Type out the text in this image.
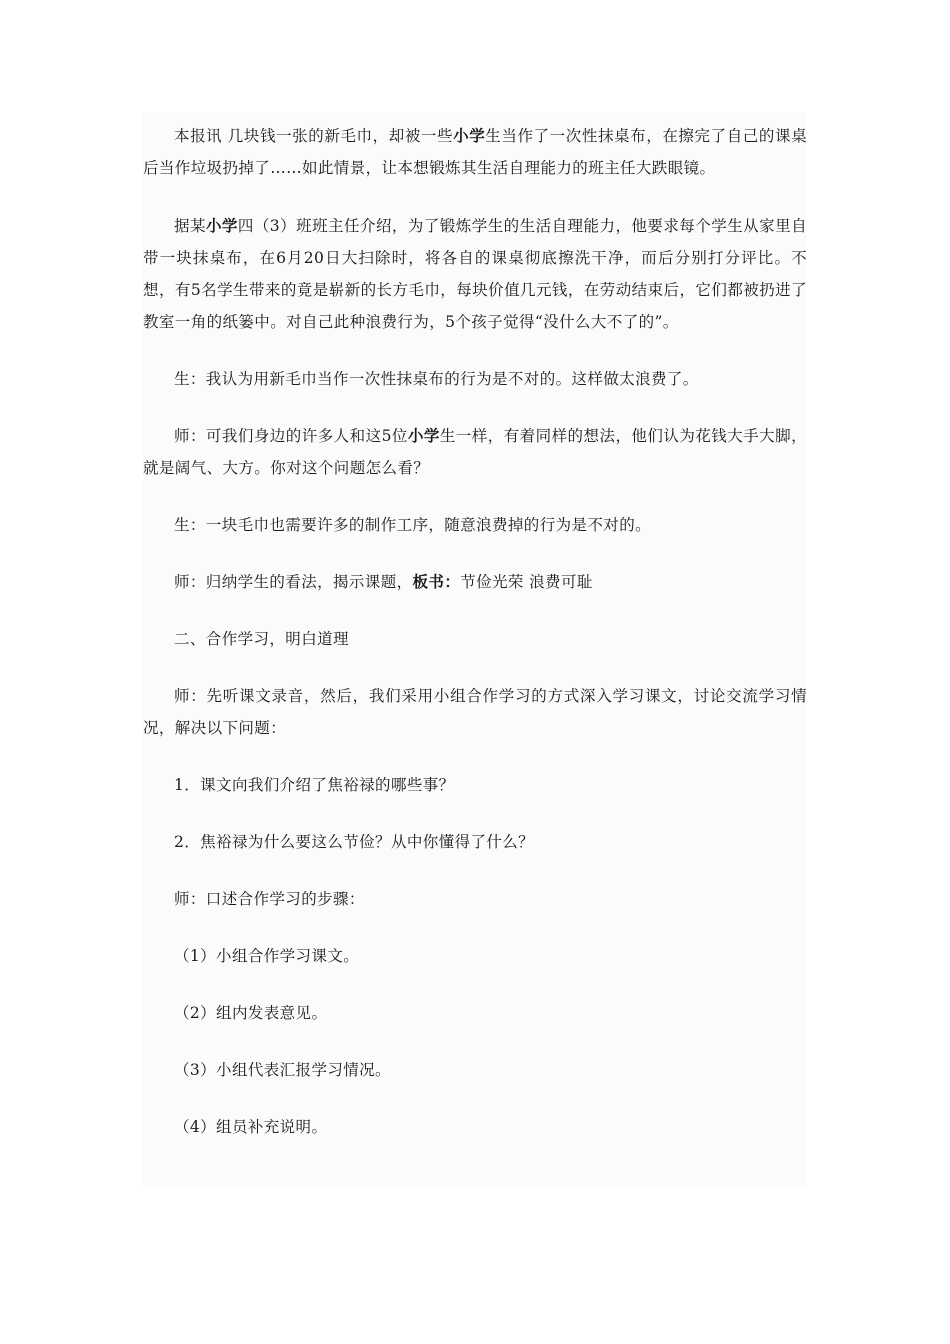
本报讯 几块钱一张的新毛巾，却被一些小学生当作了一次性抹桌布，在擦完了自己的课桌后当作垃圾扔掉了……如此情景，让本想锻炼其生活自理能力的班主任大跌眼镜。

据某小学四（3）班班主任介绍，为了锻炼学生的生活自理能力，他要求每个学生从家里自带一块抹桌布，在6月20日大扫除时，将各自的课桌彻底擦洗干净，而后分别打分评比。不想，有5名学生带来的竟是崭新的长方毛巾，每块价值几元钱，在劳动结束后，它们都被扔进了教室一角的纸篓中。对自己此种浪费行为，5个孩子觉得“没什么大不了的”。

生：我认为用新毛巾当作一次性抹桌布的行为是不对的。这样做太浪费了。

师：可我们身边的许多人和这5位小学生一样，有着同样的想法，他们认为花钱大手大脚，就是阔气、大方。你对这个问题怎么看？

生：一块毛巾也需要许多的制作工序，随意浪费掉的行为是不对的。

师：归纳学生的看法，揭示课题，板书：节俭光荣 浪费可耻

二、合作学习，明白道理

师：先听课文录音，然后，我们采用小组合作学习的方式深入学习课文，讨论交流学习情况，解决以下问题：

1．课文向我们介绍了焦裕禄的哪些事？

2．焦裕禄为什么要这么节俭？从中你懂得了什么？

师：口述合作学习的步骤：

（1）小组合作学习课文。

（2）组内发表意见。

（3）小组代表汇报学习情况。

（4）组员补充说明。
